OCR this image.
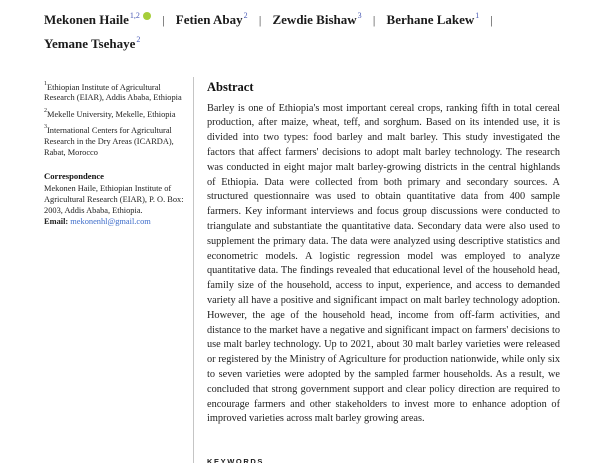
Mekonen Haile$^{1,2}$ | Fetien Abay$^2$ | Zewdie Bishaw$^3$ | Berhane Lakew$^1$ | Yemane Tsehaye$^2$
$^1$Ethiopian Institute of Agricultural Research (EIAR), Addis Ababa, Ethiopia
$^2$Mekelle University, Mekelle, Ethiopia
$^3$International Centers for Agricultural Research in the Dry Areas (ICARDA), Rabat, Morocco
Correspondence

Mekonen Haile, Ethiopian Institute of Agricultural Research (EIAR), P. O. Box: 2003, Addis Ababa, Ethiopia.

Email: mekonenhl@gmail.com
Abstract

Barley is one of Ethiopia's most important cereal crops, ranking fifth in total cereal production, after maize, wheat, teff, and sorghum. Based on its intended use, it is divided into two types: food barley and malt barley. This study investigated the factors that affect farmers' decisions to adopt malt barley technology. The research was conducted in eight major malt barley-growing districts in the central highlands of Ethiopia. Data were collected from both primary and secondary sources. A structured questionnaire was used to obtain quantitative data from 400 sample farmers. Key informant interviews and focus group discussions were conducted to triangulate and substantiate the quantitative data. Secondary data were also used to supplement the primary data. The data were analyzed using descriptive statistics and econometric models. A logistic regression model was employed to analyze quantitative data. The findings revealed that educational level of the household head, family size of the household, access to input, experience, and access to demanded variety all have a positive and significant impact on malt barley technology adoption. However, the age of the household head, income from off-farm activities, and distance to the market have a negative and significant impact on farmers' decisions to use malt barley technology. Up to 2021, about 30 malt barley varieties were released or registered by the Ministry of Agriculture for production nationwide, while only six to seven varieties were adopted by the sampled farmer households. As a result, we concluded that strong government support and clear policy direction are required to encourage farmers and other stakeholders to invest more to enhance adoption of improved varieties across malt barley growing areas.

KEYWORDS
